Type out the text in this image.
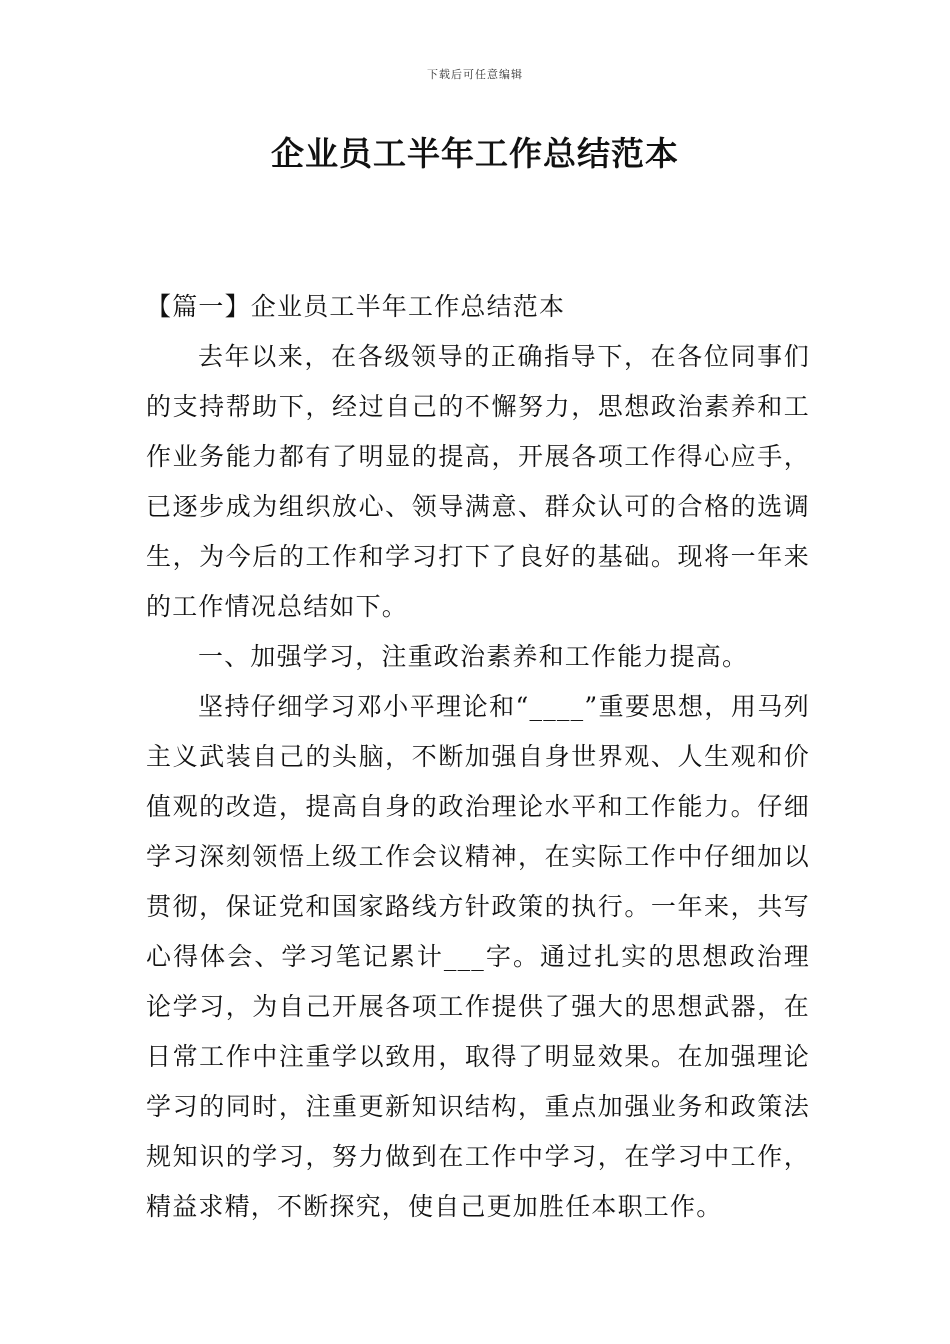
下载后可任意编辑
企业员工半年工作总结范本

【篇一】企业员工半年工作总结范本

去年以来，在各级领导的正确指导下，在各位同事们的支持帮助下，经过自己的不懈努力，思想政治素养和工作业务能力都有了明显的提高，开展各项工作得心应手，已逐步成为组织放心、领导满意、群众认可的合格的选调生，为今后的工作和学习打下了良好的基础。现将一年来的工作情况总结如下。

一、加强学习，注重政治素养和工作能力提高。

坚持仔细学习邓小平理论和“____”重要思想，用马列主义武装自己的头脑，不断加强自身世界观、人生观和价值观的改造，提高自身的政治理论水平和工作能力。仔细学习深刻领悟上级工作会议精神，在实际工作中仔细加以贯彻，保证党和国家路线方针政策的执行。一年来，共写心得体会、学习笔记累计___字。通过扎实的思想政治理论学习，为自己开展各项工作提供了强大的思想武器，在日常工作中注重学以致用，取得了明显效果。在加强理论学习的同时，注重更新知识结构，重点加强业务和政策法规知识的学习，努力做到在工作中学习，在学习中工作，精益求精，不断探究，使自己更加胜任本职工作。
